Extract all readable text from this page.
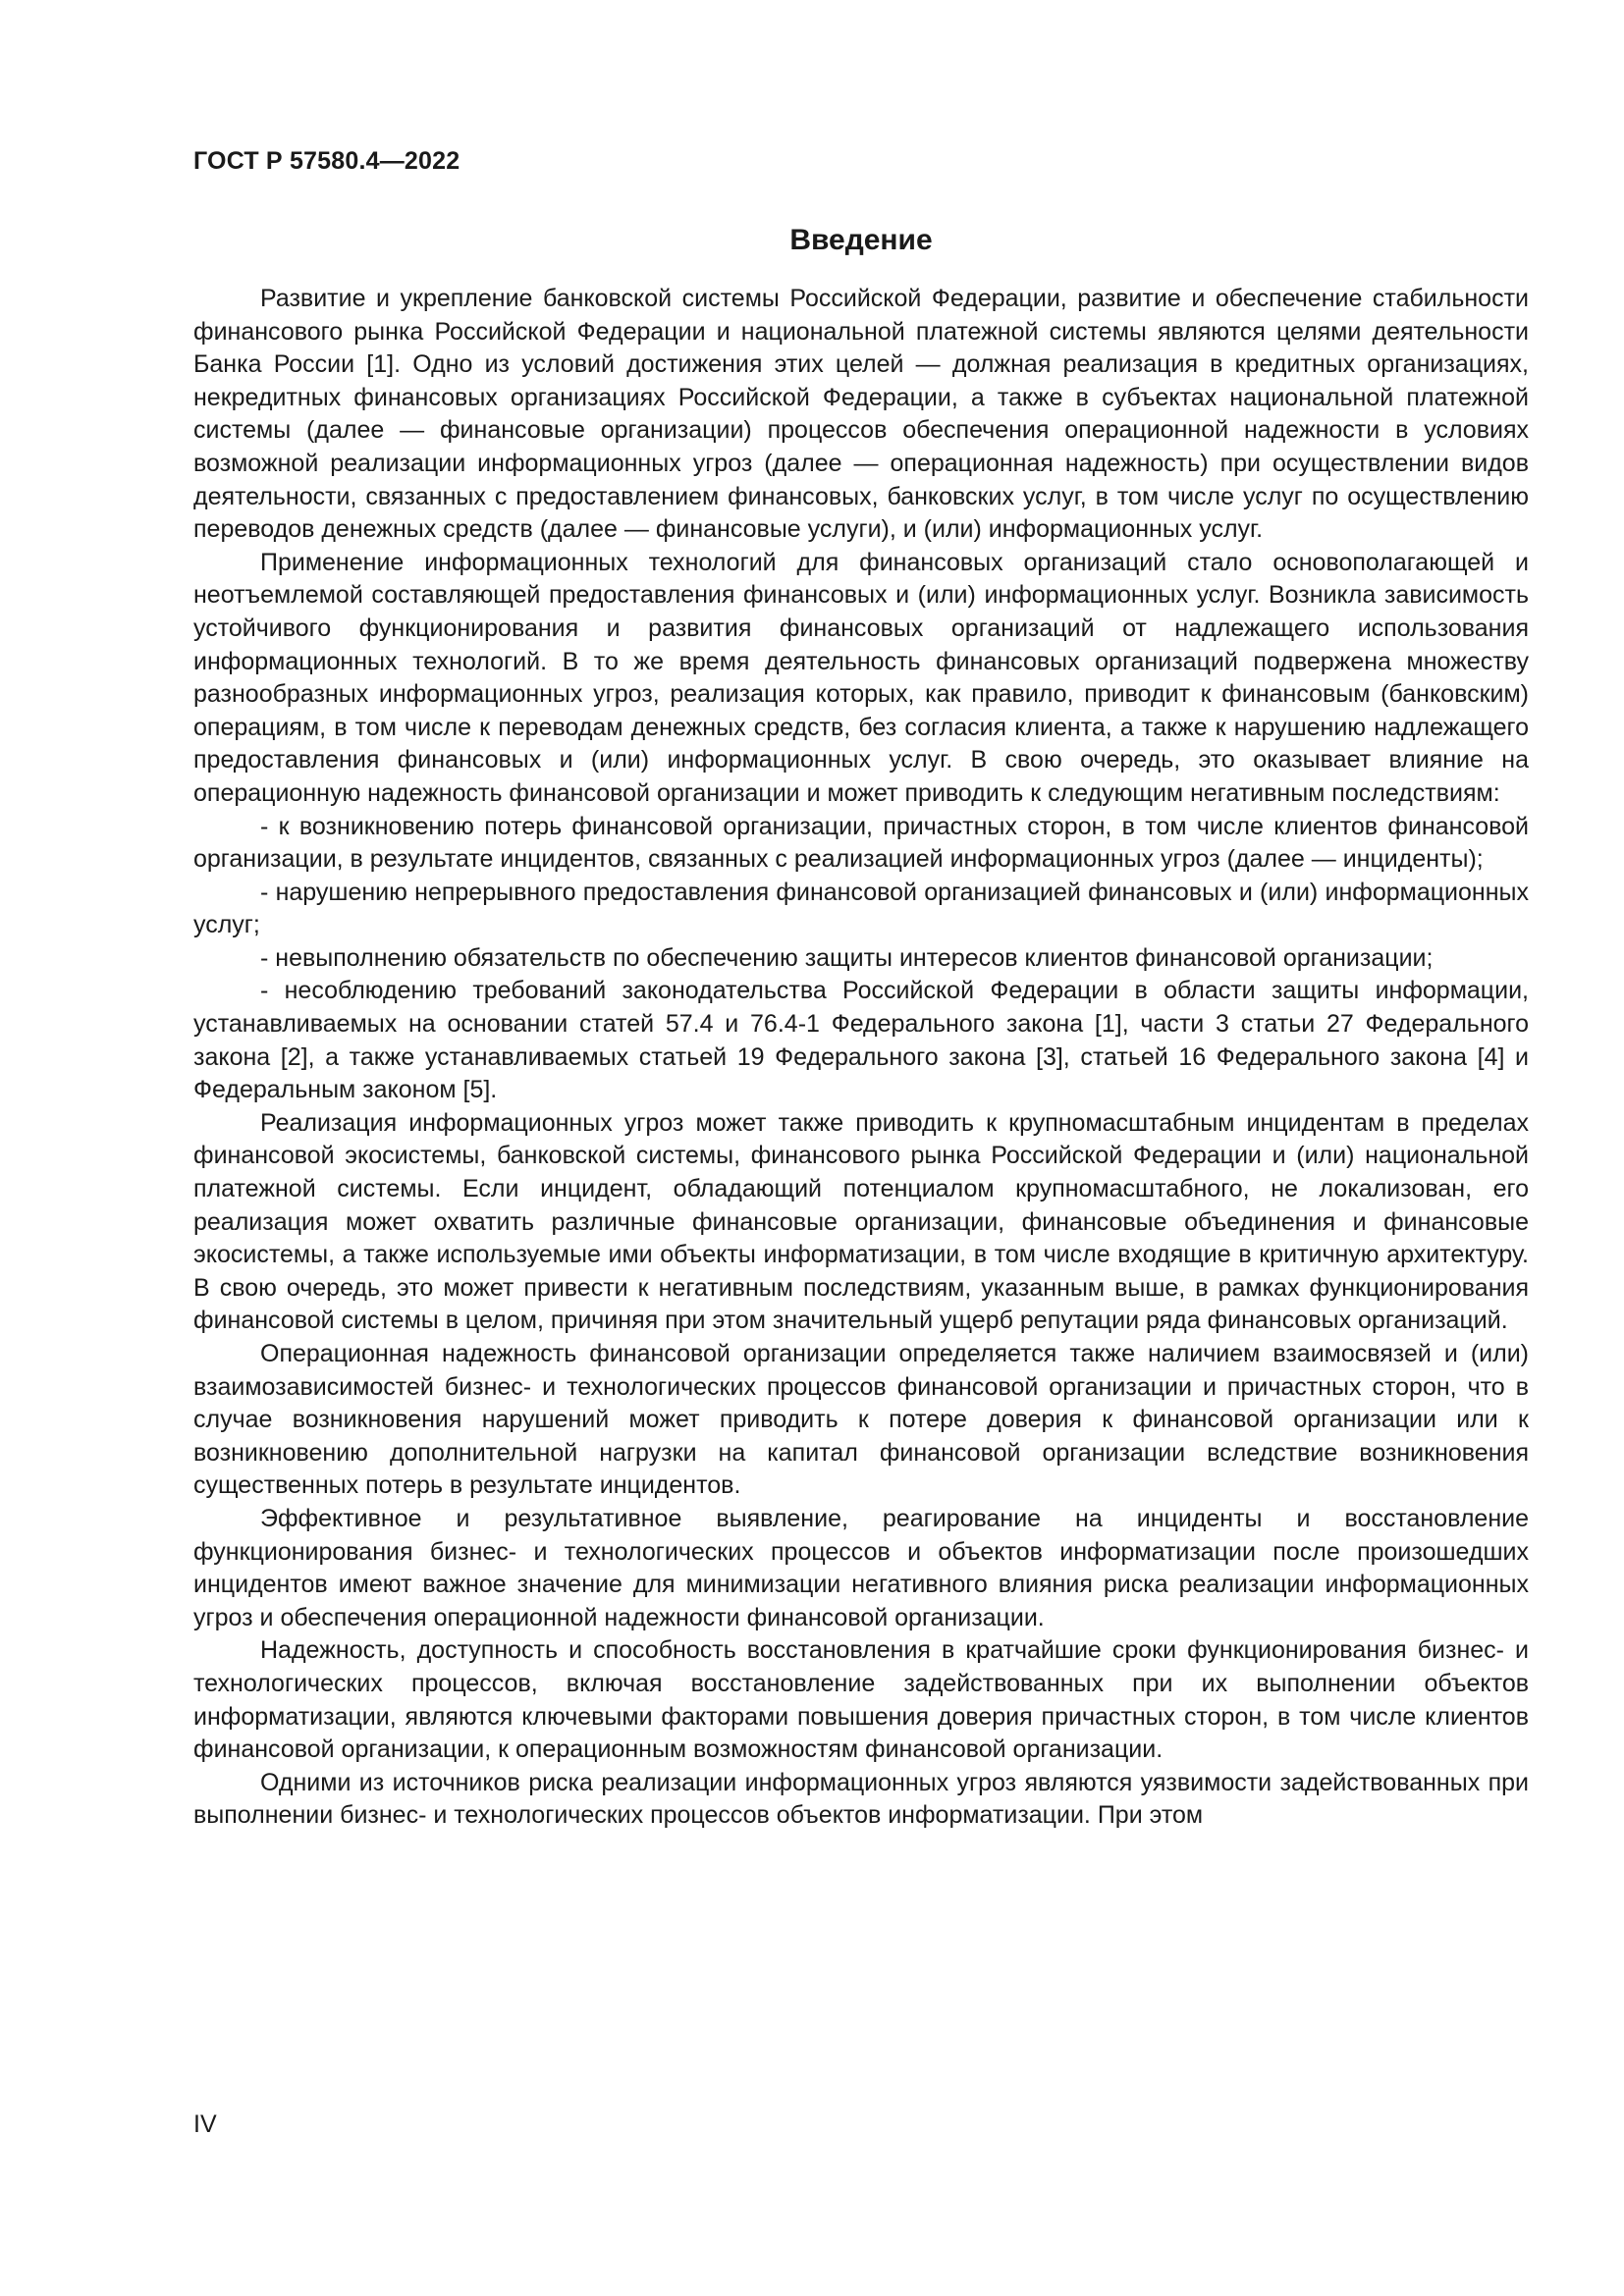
ГОСТ Р 57580.4—2022
Введение

Развитие и укрепление банковской системы Российской Федерации, развитие и обеспечение стабильности финансового рынка Российской Федерации и национальной платежной системы являются целями деятельности Банка России [1]. Одно из условий достижения этих целей — должная реализация в кредитных организациях, некредитных финансовых организациях Российской Федерации, а также в субъектах национальной платежной системы (далее — финансовые организации) процессов обеспечения операционной надежности в условиях возможной реализации информационных угроз (далее — операционная надежность) при осуществлении видов деятельности, связанных с предоставлением финансовых, банковских услуг, в том числе услуг по осуществлению переводов денежных средств (далее — финансовые услуги), и (или) информационных услуг.

Применение информационных технологий для финансовых организаций стало основополагающей и неотъемлемой составляющей предоставления финансовых и (или) информационных услуг. Возникла зависимость устойчивого функционирования и развития финансовых организаций от надлежащего использования информационных технологий. В то же время деятельность финансовых организаций подвержена множеству разнообразных информационных угроз, реализация которых, как правило, приводит к финансовым (банковским) операциям, в том числе к переводам денежных средств, без согласия клиента, а также к нарушению надлежащего предоставления финансовых и (или) информационных услуг. В свою очередь, это оказывает влияние на операционную надежность финансовой организации и может приводить к следующим негативным последствиям:

- к возникновению потерь финансовой организации, причастных сторон, в том числе клиентов финансовой организации, в результате инцидентов, связанных с реализацией информационных угроз (далее — инциденты);

- нарушению непрерывного предоставления финансовой организацией финансовых и (или) информационных услуг;

- невыполнению обязательств по обеспечению защиты интересов клиентов финансовой организации;

- несоблюдению требований законодательства Российской Федерации в области защиты информации, устанавливаемых на основании статей 57.4 и 76.4-1 Федерального закона [1], части 3 статьи 27 Федерального закона [2], а также устанавливаемых статьей 19 Федерального закона [3], статьей 16 Федерального закона [4] и Федеральным законом [5].

Реализация информационных угроз может также приводить к крупномасштабным инцидентам в пределах финансовой экосистемы, банковской системы, финансового рынка Российской Федерации и (или) национальной платежной системы. Если инцидент, обладающий потенциалом крупномасштабного, не локализован, его реализация может охватить различные финансовые организации, финансовые объединения и финансовые экосистемы, а также используемые ими объекты информатизации, в том числе входящие в критичную архитектуру. В свою очередь, это может привести к негативным последствиям, указанным выше, в рамках функционирования финансовой системы в целом, причиняя при этом значительный ущерб репутации ряда финансовых организаций.

Операционная надежность финансовой организации определяется также наличием взаимосвязей и (или) взаимозависимостей бизнес- и технологических процессов финансовой организации и причастных сторон, что в случае возникновения нарушений может приводить к потере доверия к финансовой организации или к возникновению дополнительной нагрузки на капитал финансовой организации вследствие возникновения существенных потерь в результате инцидентов.

Эффективное и результативное выявление, реагирование на инциденты и восстановление функционирования бизнес- и технологических процессов и объектов информатизации после произошедших инцидентов имеют важное значение для минимизации негативного влияния риска реализации информационных угроз и обеспечения операционной надежности финансовой организации.

Надежность, доступность и способность восстановления в кратчайшие сроки функционирования бизнес- и технологических процессов, включая восстановление задействованных при их выполнении объектов информатизации, являются ключевыми факторами повышения доверия причастных сторон, в том числе клиентов финансовой организации, к операционным возможностям финансовой организации.

Одними из источников риска реализации информационных угроз являются уязвимости задействованных при выполнении бизнес- и технологических процессов объектов информатизации. При этом

IV
